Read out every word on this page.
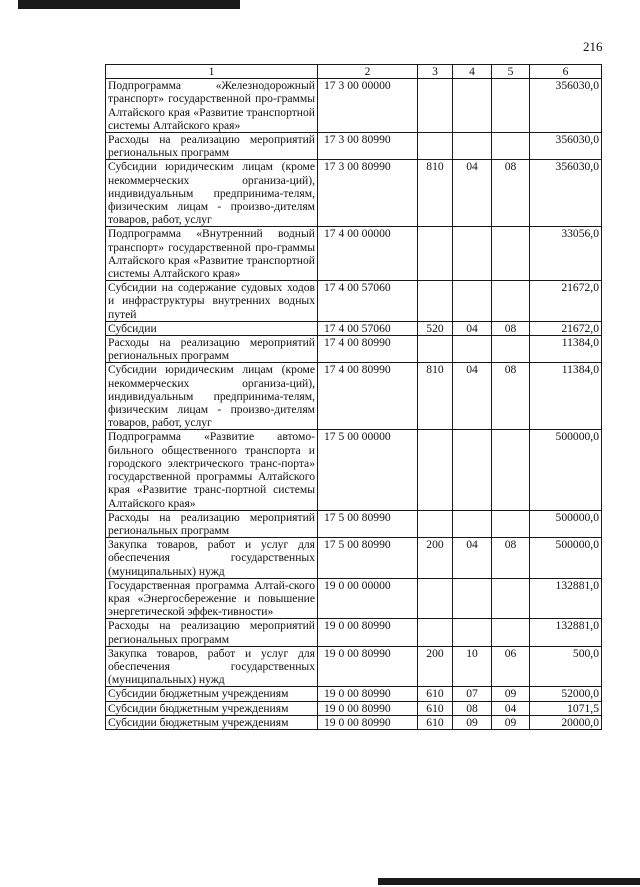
216
1	2	3	4	5	6
Подпрограмма «Железнодорожный транспорт» государственной про-граммы Алтайского края «Развитие транспортной системы Алтайского края»	17 3 00 00000				356030,0
Расходы на реализацию мероприятий региональных программ	17 3 00 80990				356030,0
Субсидии юридическим лицам (кроме некоммерческих организа-ций), индивидуальным предпринима-телям, физическим лицам - произво-дителям товаров, работ, услуг	17 3 00 80990	810	04	08	356030,0
Подпрограмма «Внутренний водный транспорт» государственной про-граммы Алтайского края «Развитие транспортной системы Алтайского края»	17 4 00 00000				33056,0
Субсидии на содержание судовых ходов и инфраструктуры внутренних водных путей	17 4 00 57060				21672,0
Субсидии	17 4 00 57060	520	04	08	21672,0
Расходы на реализацию мероприятий региональных программ	17 4 00 80990				11384,0
Субсидии юридическим лицам (кроме некоммерческих организа-ций), индивидуальным предпринима-телям, физическим лицам - произво-дителям товаров, работ, услуг	17 4 00 80990	810	04	08	11384,0
Подпрограмма «Развитие автомо-бильного общественного транспорта и городского электрического транс-порта» государственной программы Алтайского края «Развитие транс-портной системы Алтайского края»	17 5 00 00000				500000,0
Расходы на реализацию мероприятий региональных программ	17 5 00 80990				500000,0
Закупка товаров, работ и услуг для обеспечения государственных (муниципальных) нужд	17 5 00 80990	200	04	08	500000,0
Государственная программа Алтай-ского края «Энергосбережение и повышение энергетической эффек-тивности»	19 0 00 00000				132881,0
Расходы на реализацию мероприятий региональных программ	19 0 00 80990				132881,0
Закупка товаров, работ и услуг для обеспечения государственных (муниципальных) нужд	19 0 00 80990	200	10	06	500,0
Субсидии бюджетным учреждениям	19 0 00 80990	610	07	09	52000,0
Субсидии бюджетным учреждениям	19 0 00 80990	610	08	04	1071,5
Субсидии бюджетным учреждениям	19 0 00 80990	610	09	09	20000,0
